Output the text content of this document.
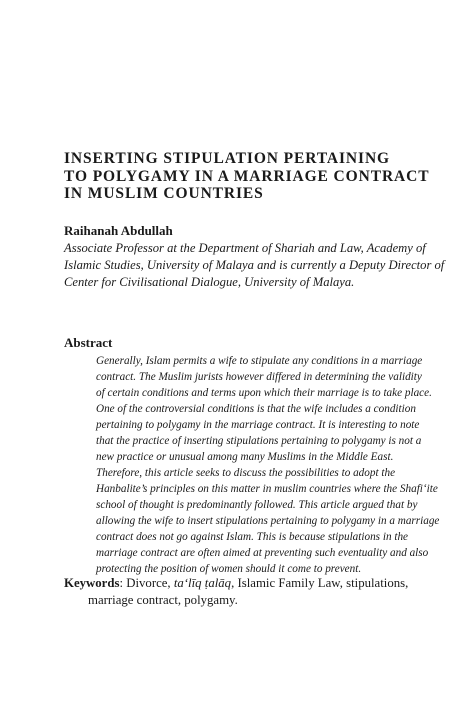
INSERTING STIPULATION PERTAINING
TO POLYGAMY IN A MARRIAGE CONTRACT
IN MUSLIM COUNTRIES

Raihanah Abdullah

Associate Professor at the Department of Shariah and Law, Academy of
Islamic Studies, University of Malaya and is currently a Deputy Director of
Center for Civilisational Dialogue, University of Malaya.

Abstract

Generally, Islam permits a wife to stipulate any conditions in a marriage
contract. The Muslim jurists however differed in determining the validity
of certain conditions and terms upon which their marriage is to take place.
One of the controversial conditions is that the wife includes a condition
pertaining to polygamy in the marriage contract. It is interesting to note
that the practice of inserting stipulations pertaining to polygamy is not a
new practice or unusual among many Muslims in the Middle East.
Therefore, this article seeks to discuss the possibilities to adopt the
Hanbalite’s principles on this matter in muslim countries where the Shafi‘ite
school of thought is predominantly followed. This article argued that by
allowing the wife to insert stipulations pertaining to polygamy in a marriage
contract does not go against Islam. This is because stipulations in the
marriage contract are often aimed at preventing such eventuality and also
protecting the position of women should it come to prevent.

Keywords: Divorce, ta‘līq ṭalāq, Islamic Family Law, stipulations,
marriage contract, polygamy.
